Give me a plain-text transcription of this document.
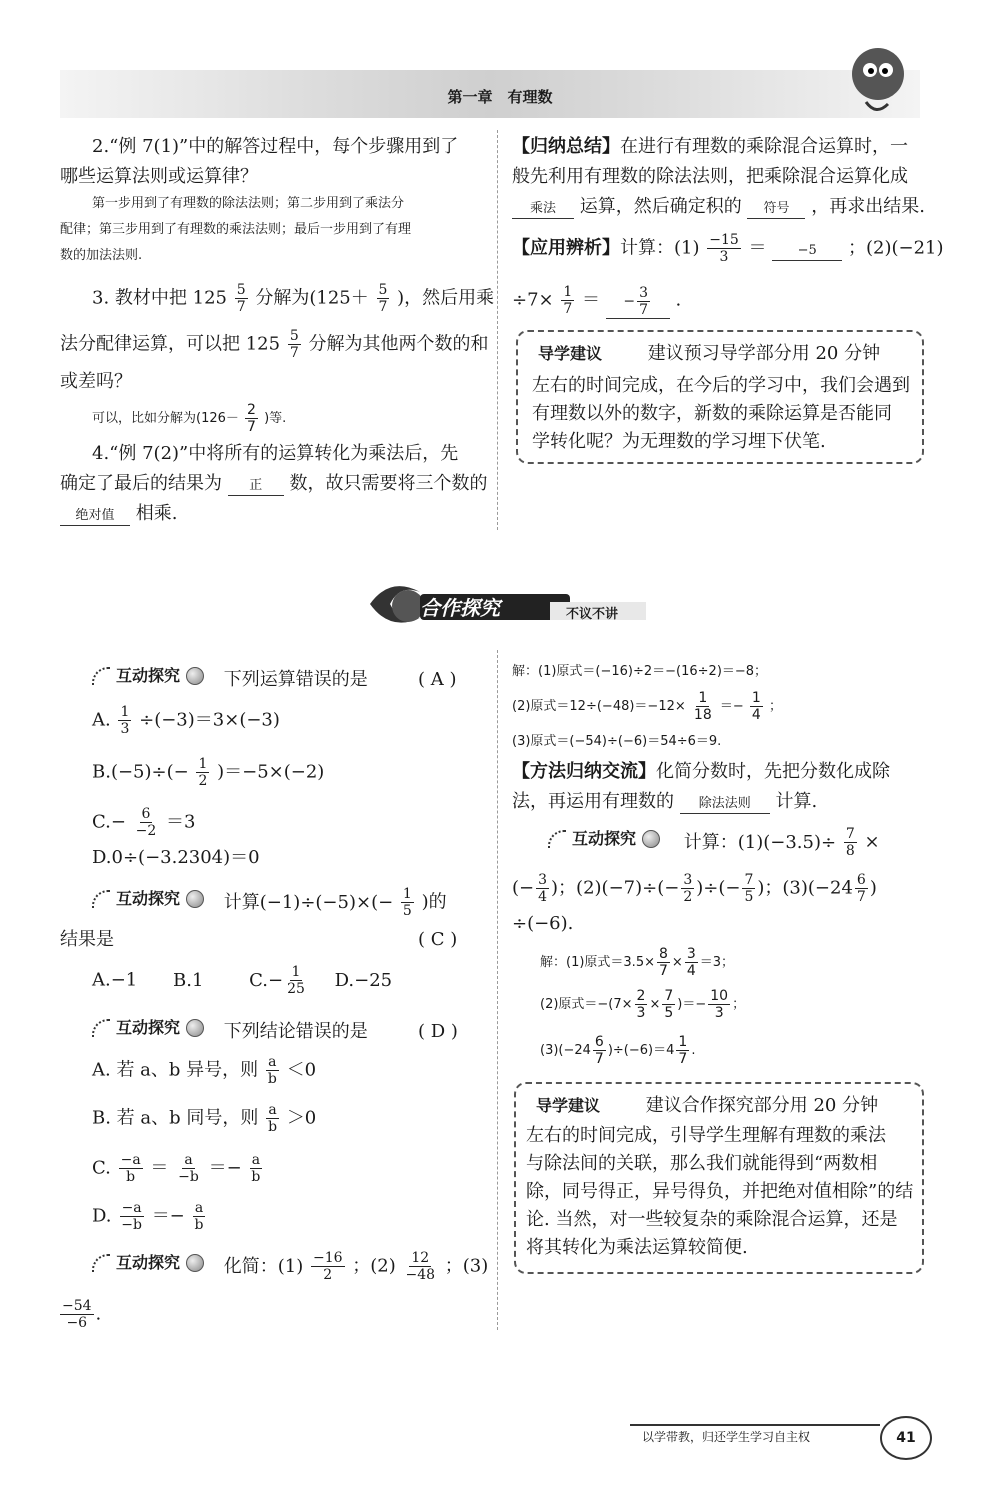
第一章　有理数
2.“例 7(1)”中的解答过程中，每个步骤用到了
哪些运算法则或运算律？
第一步用到了有理数的除法法则；第二步用到了乘法分
配律；第三步用到了有理数的乘法法则；最后一步用到了有理
数的加法法则.
3. 教材中把 $125 \frac{5}{7}$ 分解为($125+ \frac{5}{7}$ )，然后用乘
法分配律运算，可以把 $125 \frac{5}{7}$ 分解为其他两个数的和
或差吗？
可以，比如分解为($126- \frac{2}{7}$ )等.
4.“例 7(2)”中将所有的运算转化为乘法后，先
确定了最后的结果为 正 数，故只需要将三个数的
绝对值 相乘.
【归纳总结】在进行有理数的乘除混合运算时，一
般先利用有理数的除法法则，把乘除混合运算化成
乘法 运算，然后确定积的 符号 ，再求出结果.
【应用辨析】计算：$(1) \frac{-15}{3} = -5$ ；(2)(−21)
$\div 7\times \frac{1}{7}$ ＝ − $\frac{3}{7}$ .
导学建议	建议预习导学部分用 20 分钟
左右的时间完成，在今后的学习中，我们会遇到
有理数以外的数字，新数的乘除运算是否能同
学转化呢？为无理数的学习埋下伏笔.
合作探究	不议不讲
互动探究 下列运算错误的是	( A )
A. $\frac{1}{3} \div(-3)=3\times(-3)$
$B.(-5)\div(- \frac{1}{2} )=-5\times(-2)$
$C.- \frac{6}{-2} =3$
D.0÷(−3.2304)＝0
互动探究 计算$(-1)\div(-5)\times(- \frac{1}{5}$ )的
结果是	( C )
A.−1 B.1	$C.- \frac{1}{25} D.-25$
互动探究 下列结论错误的是	( D )
A. 若 a、b 异号，则 $\frac{a}{b} <0$
B. 若 a、b 同号，则 $\frac{a}{b} >0$
C. $\frac{-a}{b} = \frac{a}{-b} =- \frac{a}{b}$
D. $\frac{-a}{-b} =- \frac{a}{b}$
互动探究 化简：$(1) \frac{-16}{2}$ ；$(2) \frac{12}{-48}$ ；(3)
$\frac{-54}{-6}$ .
解：(1)原式＝(−16)÷2＝−(16÷2)＝−8；
(2)原式$=12\div(-48)=-12\times \frac{1}{18} =- \frac{1}{4}$ ；
(3)原式＝(−54)÷(−6)＝54÷6＝9.
【方法归纳交流】化简分数时，先把分数化成除
法，再运用有理数的 除法法则 计算.
互动探究	计算：$(1)(-3.5)\div \frac{7}{8}$ ×
(− $\frac{3}{4}$ )；$(2)(-7)\div(- \frac{3}{2}$ )÷(− $\frac{7}{5}$ )；$(3)(-24 \frac{6}{7}$ )
÷(−6).
解：(1)原式$=3.5\times \frac{8}{7} \times \frac{3}{4} =3$；
(2)原式$=-(7\times \frac{2}{3} \times \frac{7}{5}$ )＝− $\frac{10}{3}$ ；
$(3)(-24 \frac{6}{7} )\div(-6)=4 \frac{1}{7}$ .
导学建议	建议合作探究部分用 20 分钟
左右的时间完成，引导学生理解有理数的乘法
与除法间的关联，那么我们就能得到“两数相
除，同号得正，异号得负，并把绝对值相除”的结
论. 当然，对一些较复杂的乘除混合运算，还是
将其转化为乘法运算较简便.
以学带教，归还学生学习自主权	41
